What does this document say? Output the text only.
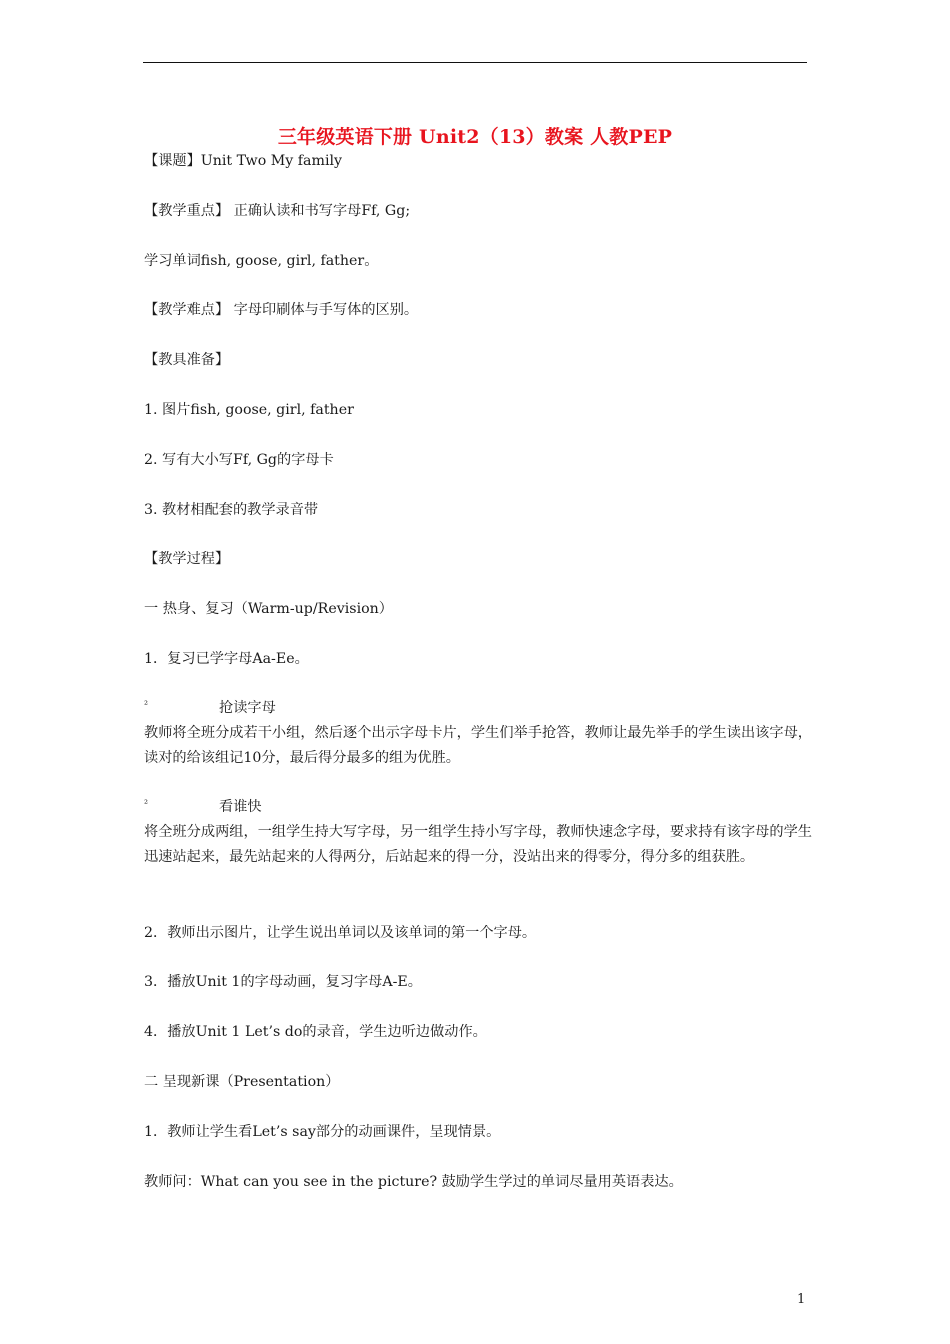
三年级英语下册 Unit2（13）教案 人教PEP
【课题】Unit Two My family
【教学重点】 正确认读和书写字母Ff, Gg;
学习单词fish, goose, girl, father。
【教学难点】 字母印刷体与手写体的区别。
【教具准备】
1. 图片fish, goose, girl, father
2. 写有大小写Ff, Gg的字母卡
3. 教材相配套的教学录音带
【教学过程】
一 热身、复习（Warm-up/Revision）
1．复习已学字母Aa-Ee。
²	抢读字母
教师将全班分成若干小组，然后逐个出示字母卡片，学生们举手抢答，教师让最先举手的学生读出该字母，读对的给该组记10分，最后得分最多的组为优胜。
²	看谁快
将全班分成两组，一组学生持大写字母，另一组学生持小写字母，教师快速念字母，要求持有该字母的学生迅速站起来，最先站起来的人得两分，后站起来的得一分，没站出来的得零分，得分多的组获胜。
2．教师出示图片，让学生说出单词以及该单词的第一个字母。
3．播放Unit 1的字母动画，复习字母A-E。
4．播放Unit 1 Let’s do的录音，学生边听边做动作。
二 呈现新课（Presentation）
1．教师让学生看Let’s say部分的动画课件，呈现情景。
教师问：What can you see in the picture? 鼓励学生学过的单词尽量用英语表达。
1
